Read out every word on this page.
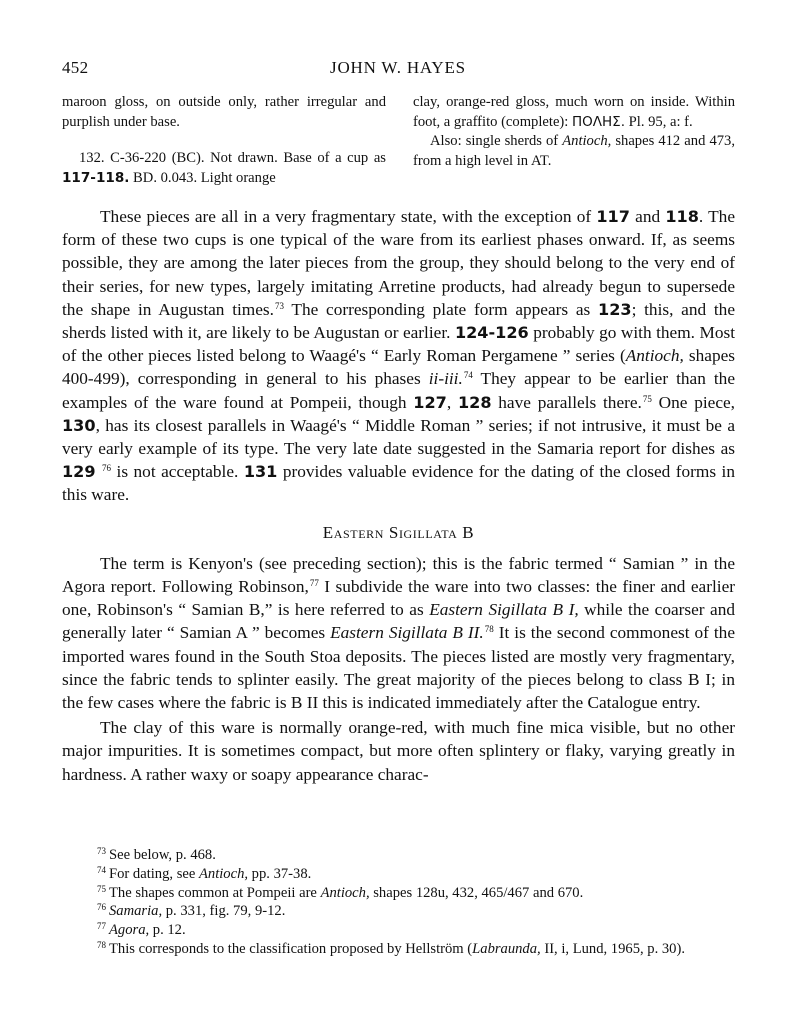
452	JOHN W. HAYES

maroon gloss, on outside only, rather irregular and purplish under base.

132. C-36-220 (BC). Not drawn. Base of a cup as 117-118. BD. 0.043. Light orange

clay, orange-red gloss, much worn on inside. Within foot, a graffito (complete): ΠΟΛΗΣ. Pl. 95, a: f.

Also: single sherds of Antioch, shapes 412 and 473, from a high level in AT.

These pieces are all in a very fragmentary state, with the exception of 117 and 118. The form of these two cups is one typical of the ware from its earliest phases onward. If, as seems possible, they are among the later pieces from the group, they should belong to the very end of their series, for new types, largely imitating Arretine products, had already begun to supersede the shape in Augustan times.$^{73}$ The corresponding plate form appears as 123; this, and the sherds listed with it, are likely to be Augustan or earlier. 124-126 probably go with them. Most of the other pieces listed belong to Waagé's “ Early Roman Pergamene ” series (Antioch, shapes 400-499), corresponding in general to his phases ii-iii.$^{74}$ They appear to be earlier than the examples of the ware found at Pompeii, though 127, 128 have parallels there.$^{75}$ One piece, 130, has its closest parallels in Waagé's “ Middle Roman ” series; if not intrusive, it must be a very early example of its type. The very late date suggested in the Samaria report for dishes as 129 $^{76}$ is not acceptable. 131 provides valuable evidence for the dating of the closed forms in this ware.

Eastern Sigillata B

The term is Kenyon's (see preceding section); this is the fabric termed “ Samian ” in the Agora report. Following Robinson,$^{77}$ I subdivide the ware into two classes: the finer and earlier one, Robinson's “ Samian B,” is here referred to as Eastern Sigillata B I, while the coarser and generally later “ Samian A ” becomes Eastern Sigillata B II.$^{78}$ It is the second commonest of the imported wares found in the South Stoa deposits. The pieces listed are mostly very fragmentary, since the fabric tends to splinter easily. The great majority of the pieces belong to class B I; in the few cases where the fabric is B II this is indicated immediately after the Catalogue entry.

The clay of this ware is normally orange-red, with much fine mica visible, but no other major impurities. It is sometimes compact, but more often splintery or flaky, varying greatly in hardness. A rather waxy or soapy appearance charac-

$^{73}$ See below, p. 468.
$^{74}$ For dating, see Antioch, pp. 37-38.
$^{75}$ The shapes common at Pompeii are Antioch, shapes 128u, 432, 465/467 and 670.
$^{76}$ Samaria, p. 331, fig. 79, 9-12.
$^{77}$ Agora, p. 12.
$^{78}$ This corresponds to the classification proposed by Hellström (Labraunda, II, i, Lund, 1965, p. 30).
